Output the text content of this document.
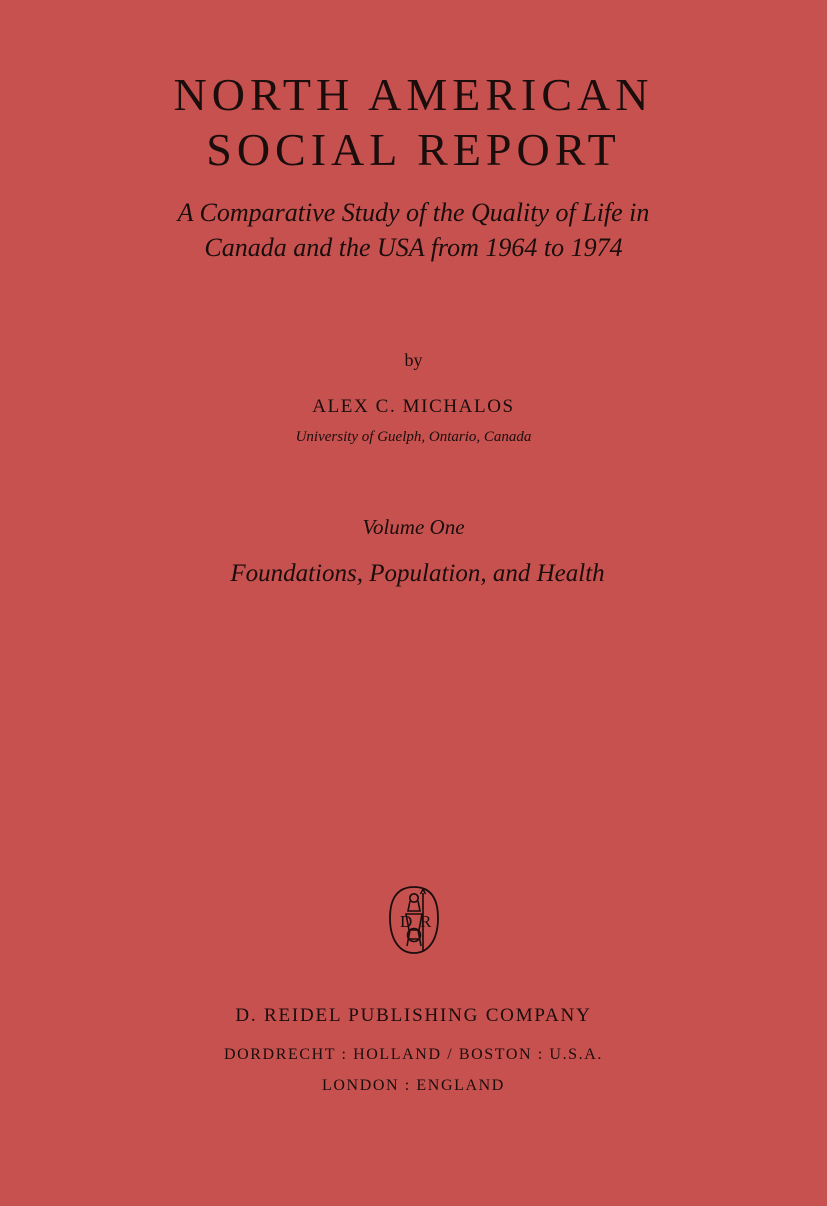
NORTH AMERICAN
SOCIAL REPORT
A Comparative Study of the Quality of Life in
Canada and the USA from 1964 to 1974
by
ALEX C. MICHALOS
University of Guelph, Ontario, Canada
Volume One
Foundations, Population, and Health
D R
D. REIDEL PUBLISHING COMPANY
DORDRECHT : HOLLAND / BOSTON : U.S.A.
LONDON : ENGLAND
